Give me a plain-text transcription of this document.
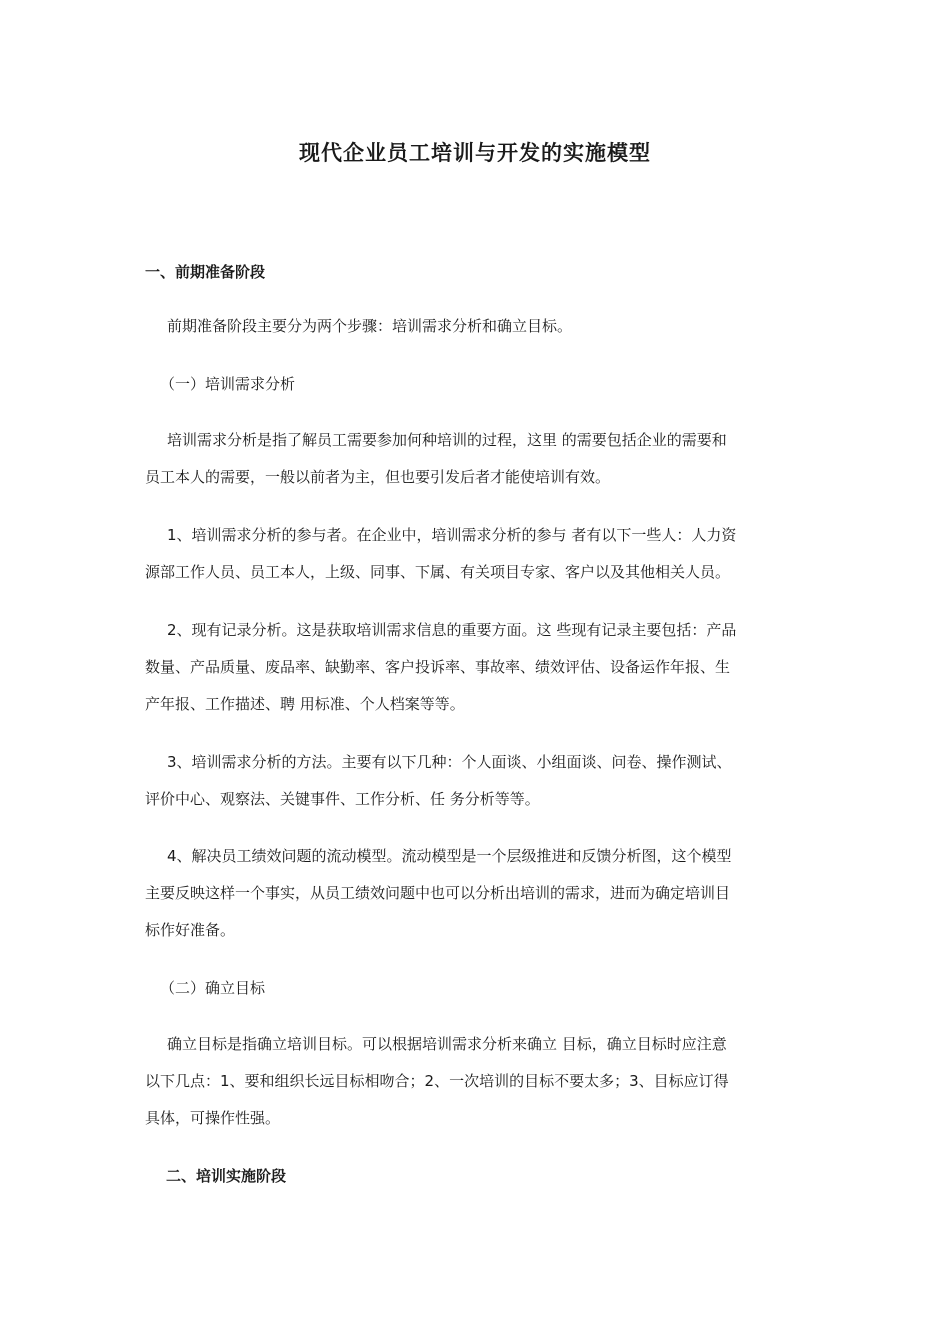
现代企业员工培训与开发的实施模型
一、前期准备阶段
前期准备阶段主要分为两个步骤：培训需求分析和确立目标。
（一）培训需求分析
培训需求分析是指了解员工需要参加何种培训的过程，这里 的需要包括企业的需要和
员工本人的需要，一般以前者为主，但也要引发后者才能使培训有效。
1、培训需求分析的参与者。在企业中，培训需求分析的参与 者有以下一些人：人力资
源部工作人员、员工本人，上级、同事、下属、有关项目专家、客户以及其他相关人员。
2、现有记录分析。这是获取培训需求信息的重要方面。这 些现有记录主要包括：产品
数量、产品质量、废品率、缺勤率、客户投诉率、事故率、绩效评估、设备运作年报、生
产年报、工作描述、聘 用标准、个人档案等等。
3、培训需求分析的方法。主要有以下几种：个人面谈、小组面谈、问卷、操作测试、
评价中心、观察法、关键事件、工作分析、任 务分析等等。
4、解决员工绩效问题的流动模型。流动模型是一个层级推进和反馈分析图，这个模型
主要反映这样一个事实，从员工绩效问题中也可以分析出培训的需求，进而为确定培训目
标作好准备。
（二）确立目标
确立目标是指确立培训目标。可以根据培训需求分析来确立 目标，确立目标时应注意
以下几点：1、要和组织长远目标相吻合；2、一次培训的目标不要太多；3、目标应订得
具体，可操作性强。
二、培训实施阶段
